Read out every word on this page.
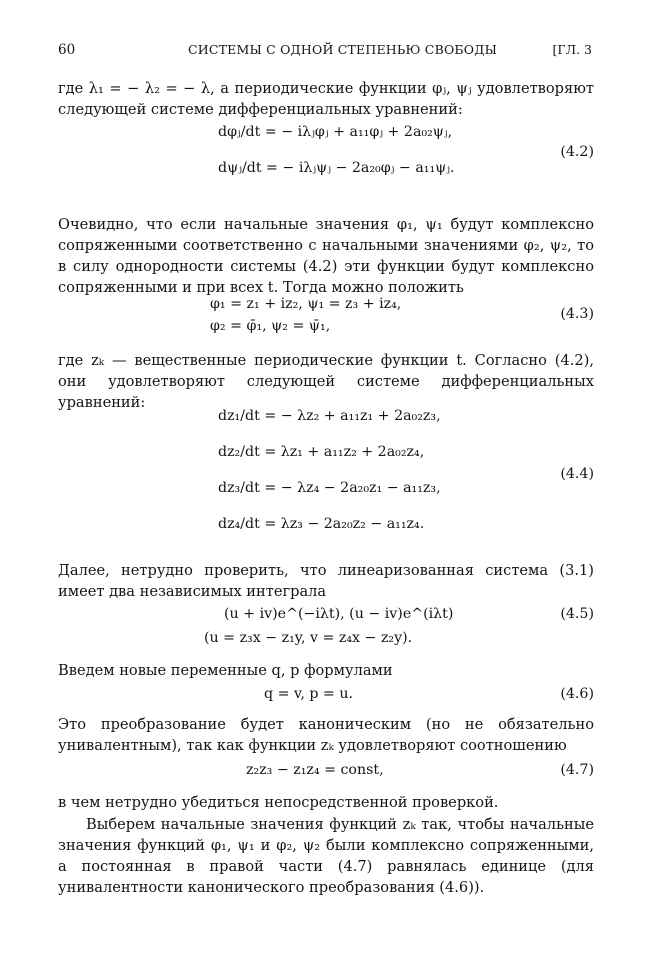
60	СИСТЕМЫ С ОДНОЙ СТЕПЕНЬЮ СВОБОДЫ	[ГЛ. 3
где λ₁ = − λ₂ = − λ, а периодические функции φⱼ, ψⱼ удовлетворяют следующей системе дифференциальных уравнений:
dφⱼ/dt = − iλⱼφⱼ + a₁₁φⱼ + 2a₀₂ψⱼ,
dψⱼ/dt = − iλⱼψⱼ − 2a₂₀φⱼ − a₁₁ψⱼ.
(4.2)
Очевидно, что если начальные значения φ₁, ψ₁ будут комплексно сопряженными соответственно с начальными значениями φ₂, ψ₂, то в силу однородности системы (4.2) эти функции будут комплексно сопряженными и при всех t. Тогда можно положить
φ₁ = z₁ + iz₂, ψ₁ = z₃ + iz₄,
φ₂ = φ̄₁, ψ₂ = ψ̄₁,
(4.3)
где zₖ — вещественные периодические функции t. Согласно (4.2), они удовлетворяют следующей системе дифференциальных уравнений:
dz₁/dt = − λz₂ + a₁₁z₁ + 2a₀₂z₃,
dz₂/dt = λz₁ + a₁₁z₂ + 2a₀₂z₄,
dz₃/dt = − λz₄ − 2a₂₀z₁ − a₁₁z₃,
dz₄/dt = λz₃ − 2a₂₀z₂ − a₁₁z₄.
(4.4)
Далее, нетрудно проверить, что линеаризованная система (3.1) имеет два независимых интеграла
(u + iv)e^(−iλt), (u − iv)e^(iλt)
(u = z₃x − z₁y, v = z₄x − z₂y).
(4.5)
Введем новые переменные q, p формулами
q = v, p = u.	(4.6)
Это преобразование будет каноническим (но не обязательно унивалентным), так как функции zₖ удовлетворяют соотношению
z₂z₃ − z₁z₄ = const,	(4.7)
в чем нетрудно убедиться непосредственной проверкой.
Выберем начальные значения функций zₖ так, чтобы начальные значения функций φ₁, ψ₁ и φ₂, ψ₂ были комплексно сопряженными, а постоянная в правой части (4.7) равнялась единице (для унивалентности канонического преобразования (4.6)).
